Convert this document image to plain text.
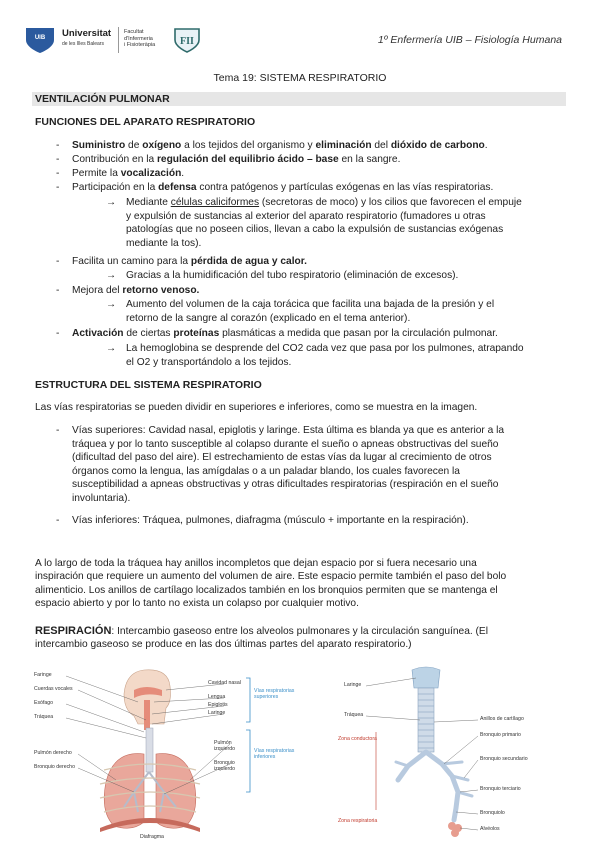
UIB Universitat
de les Illes Balears
Facultat
d'Infermeria
i Fisioteràpia FII	1º Enfermería UIB – Fisiología Humana
Tema 19: SISTEMA RESPIRATORIO
VENTILACIÓN PULMONAR
FUNCIONES DEL APARATO RESPIRATORIO
- Suministro de oxígeno a los tejidos del organismo y eliminación del dióxido de carbono.
- Contribución en la regulación del equilibrio ácido – base en la sangre.
- Permite la vocalización.
- Participación en la defensa contra patógenos y partículas exógenas en las vías respiratorias.
→ Mediante células caliciformes (secretoras de moco) y los cilios que favorecen el empuje
y expulsión de sustancias al exterior del aparato respiratorio (fumadores u otras
patologías que no poseen cilios, llevan a cabo la expulsión de sustancias exógenas
mediante la tos).
- Facilita un camino para la pérdida de agua y calor.
→ Gracias a la humidificación del tubo respiratorio (eliminación de excesos).
- Mejora del retorno venoso.
→ Aumento del volumen de la caja torácica que facilita una bajada de la presión y el
retorno de la sangre al corazón (explicado en el tema anterior).
- Activación de ciertas proteínas plasmáticas a medida que pasan por la circulación pulmonar.
→ La hemoglobina se desprende del CO2 cada vez que pasa por los pulmones, atrapando
el O2 y transportándolo a los tejidos.
ESTRUCTURA DEL SISTEMA RESPIRATORIO
Las vías respiratorias se pueden dividir en superiores e inferiores, como se muestra en la imagen.
- Vías superiores: Cavidad nasal, epiglotis y laringe. Esta última es blanda ya que es anterior a la
tráquea y por lo tanto susceptible al colapso durante el sueño o apneas obstructivas del sueño
(dificultad del paso del aire). El estrechamiento de estas vías da lugar al crecimiento de otros
órganos como la lengua, las amígdalas o a un paladar blando, los cuales favorecen la
susceptibilidad a apneas obstructivas y otras dificultades respiratorias (respiración en el sueño
involuntaria).
- Vías inferiores: Tráquea, pulmones, diafragma (músculo + importante en la respiración).
A lo largo de toda la tráquea hay anillos incompletos que dejan espacio por si fuera necesario una
inspiración que requiere un aumento del volumen de aire. Este espacio permite también el paso del bolo
alimenticio. Los anillos de cartílago localizados también en los bronquios permiten que se mantenga el
espacio abierto y por lo tanto no exista un colapso por cualquier motivo.
RESPIRACIÓN: Intercambio gaseoso entre los alveolos pulmonares y la circulación sanguínea. (El
intercambio gaseoso se produce en las dos últimas partes del aparato respiratorio.)
Faringe
Cuerdas vocales
Esófago
Tráquea
Pulmón derecho
Bronquio derecho
Cavidad nasal
Lengua
Epiglotis
Laringe
Pulmón
izquierdo
Bronquio
izquierdo
Diafragma
Vías respiratorias
superiores
Vías respiratorias
inferiores
Laringe
Tráquea
Anillos de cartílago
Zona conductora
Bronquio primario
Bronquio secundario
Bronquio terciario
Bronquiolo
Zona respiratoria
Alvéolos
